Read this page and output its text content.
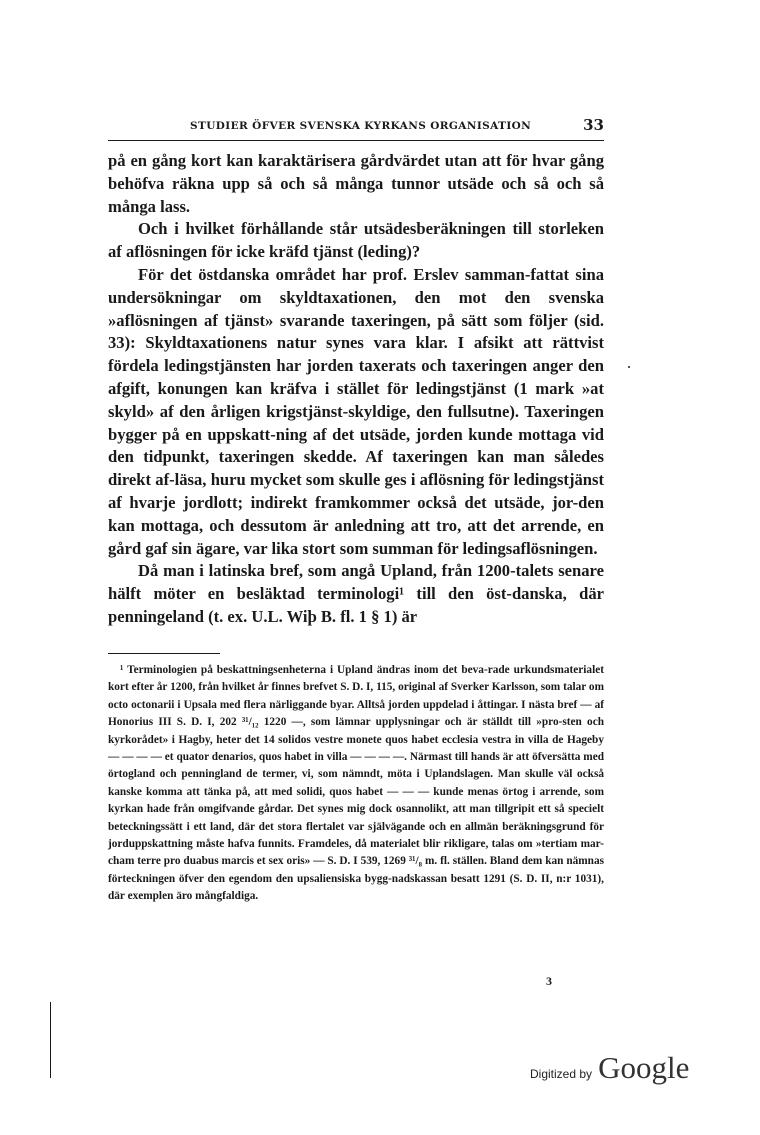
STUDIER ÖFVER SVENSKA KYRKANS ORGANISATION	33

på en gång kort kan karaktärisera gårdvärdet utan att för hvar gång behöfva räkna upp så och så många tunnor utsäde och så och så många lass.

Och i hvilket förhållande står utsädesberäkningen till storleken af aflösningen för icke kräfd tjänst (leding)?

För det östdanska området har prof. Erslev samman-fattat sina undersökningar om skyldtaxationen, den mot den svenska »aflösningen af tjänst» svarande taxeringen, på sätt som följer (sid. 33): Skyldtaxationens natur synes vara klar. I afsikt att rättvist fördela ledingstjänsten har jorden taxerats och taxeringen anger den afgift, konungen kan kräfva i stället för ledingstjänst (1 mark »at skyld» af den årligen krigstjänst-skyldige, den fullsutne). Taxeringen bygger på en uppskatt-ning af det utsäde, jorden kunde mottaga vid den tidpunkt, taxeringen skedde. Af taxeringen kan man således direkt af-läsa, huru mycket som skulle ges i aflösning för ledingstjänst af hvarje jordlott; indirekt framkommer också det utsäde, jor-den kan mottaga, och dessutom är anledning att tro, att det arrende, en gård gaf sin ägare, var lika stort som summan för ledingsaflösningen.

Då man i latinska bref, som angå Upland, från 1200-talets senare hälft möter en besläktad terminologi¹ till den öst-danska, där penningeland (t. ex. U.L. Wiþ B. fl. 1 § 1) är

¹ Terminologien på beskattningsenheterna i Upland ändras inom det beva-rade urkundsmaterialet kort efter år 1200, från hvilket år finnes brefvet S. D. I, 115, original af Sverker Karlsson, som talar om octo octonarii i Upsala med flera närliggande byar. Alltså jorden uppdelad i åttingar. I nästa bref — af Honorius III S. D. I, 202 ³¹/₁₂ 1220 —, som lämnar upplysningar och är ställdt till »pro-sten och kyrkorådet» i Hagby, heter det 14 solidos vestre monete quos habet ecclesia vestra in villa de Hageby — — — — et quator denarios, quos habet in villa — — — —. Närmast till hands är att öfversätta med örtogland och penningland de termer, vi, som nämndt, möta i Uplandslagen. Man skulle väl också kanske komma att tänka på, att med solidi, quos habet — — — kunde menas örtog i arrende, som kyrkan hade från omgifvande gårdar. Det synes mig dock osannolikt, att man tillgripit ett så specielt beteckningssätt i ett land, där det stora flertalet var självägande och en allmän beräkningsgrund för jorduppskattning måste hafva funnits. Framdeles, då materialet blir rikligare, talas om »tertiam mar-cham terre pro duabus marcis et sex oris» — S. D. I 539, 1269 ³¹/₈ m. fl. ställen. Bland dem kan nämnas förteckningen öfver den egendom den upsaliensiska bygg-nadskassan besatt 1291 (S. D. II, n:r 1031), där exemplen äro mångfaldiga.

3
Digitized by Google
